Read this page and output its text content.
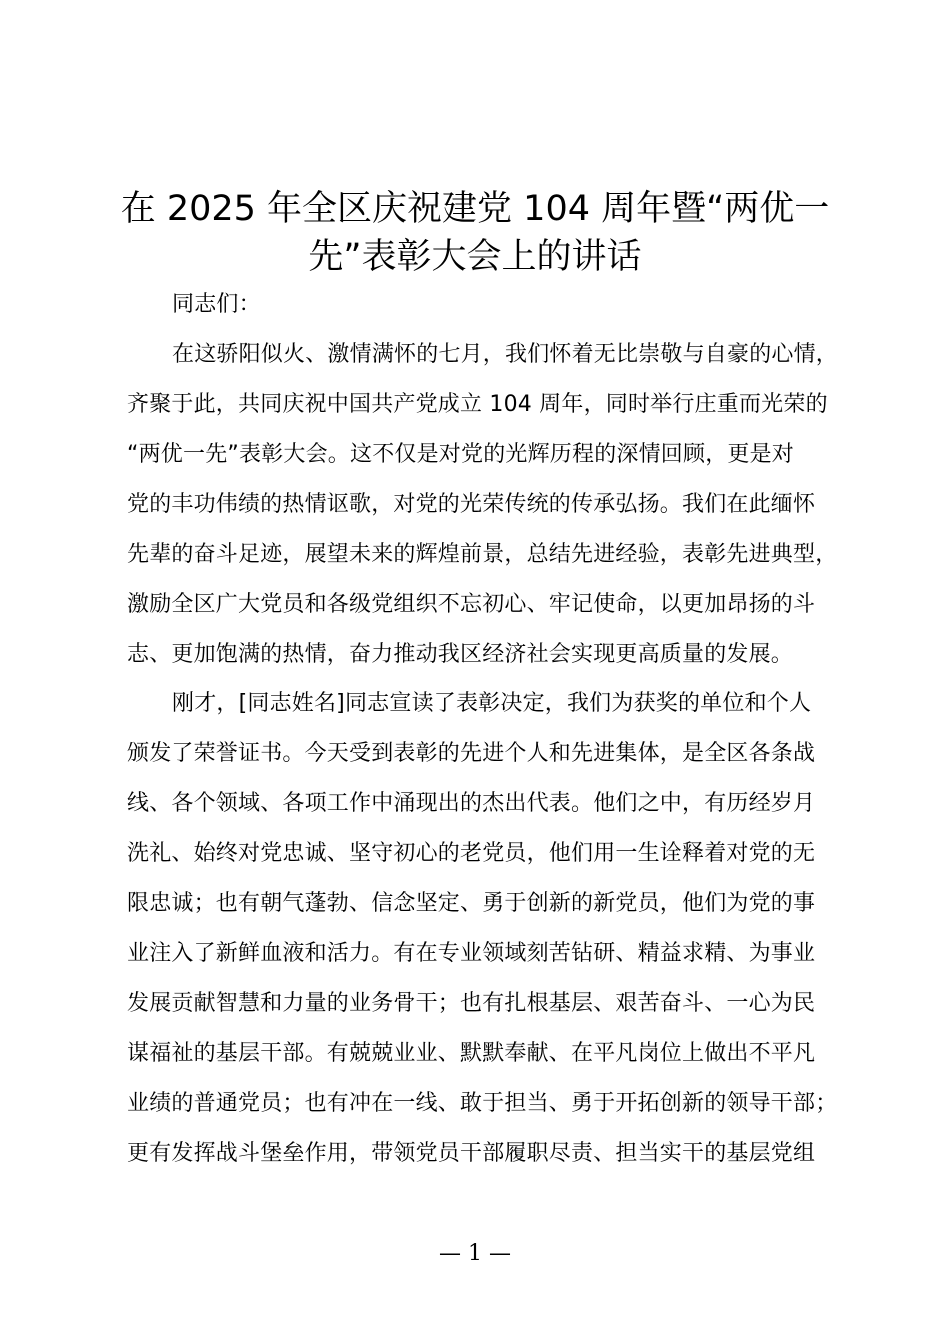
在 2025 年全区庆祝建党 104 周年暨“两优一
先”表彰大会上的讲话
同志们：
在这骄阳似火、激情满怀的七月，我们怀着无比崇敬与自豪的心情，
齐聚于此，共同庆祝中国共产党成立 104 周年，同时举行庄重而光荣的
“两优一先”表彰大会。这不仅是对党的光辉历程的深情回顾，更是对
党的丰功伟绩的热情讴歌，对党的光荣传统的传承弘扬。我们在此缅怀
先辈的奋斗足迹，展望未来的辉煌前景，总结先进经验，表彰先进典型，
激励全区广大党员和各级党组织不忘初心、牢记使命，以更加昂扬的斗
志、更加饱满的热情，奋力推动我区经济社会实现更高质量的发展。
刚才，[同志姓名]同志宣读了表彰决定，我们为获奖的单位和个人
颁发了荣誉证书。今天受到表彰的先进个人和先进集体，是全区各条战
线、各个领域、各项工作中涌现出的杰出代表。他们之中，有历经岁月
洗礼、始终对党忠诚、坚守初心的老党员，他们用一生诠释着对党的无
限忠诚；也有朝气蓬勃、信念坚定、勇于创新的新党员，他们为党的事
业注入了新鲜血液和活力。有在专业领域刻苦钻研、精益求精、为事业
发展贡献智慧和力量的业务骨干；也有扎根基层、艰苦奋斗、一心为民
谋福祉的基层干部。有兢兢业业、默默奉献、在平凡岗位上做出不平凡
业绩的普通党员；也有冲在一线、敢于担当、勇于开拓创新的领导干部；
更有发挥战斗堡垒作用，带领党员干部履职尽责、担当实干的基层党组
— 1 —
